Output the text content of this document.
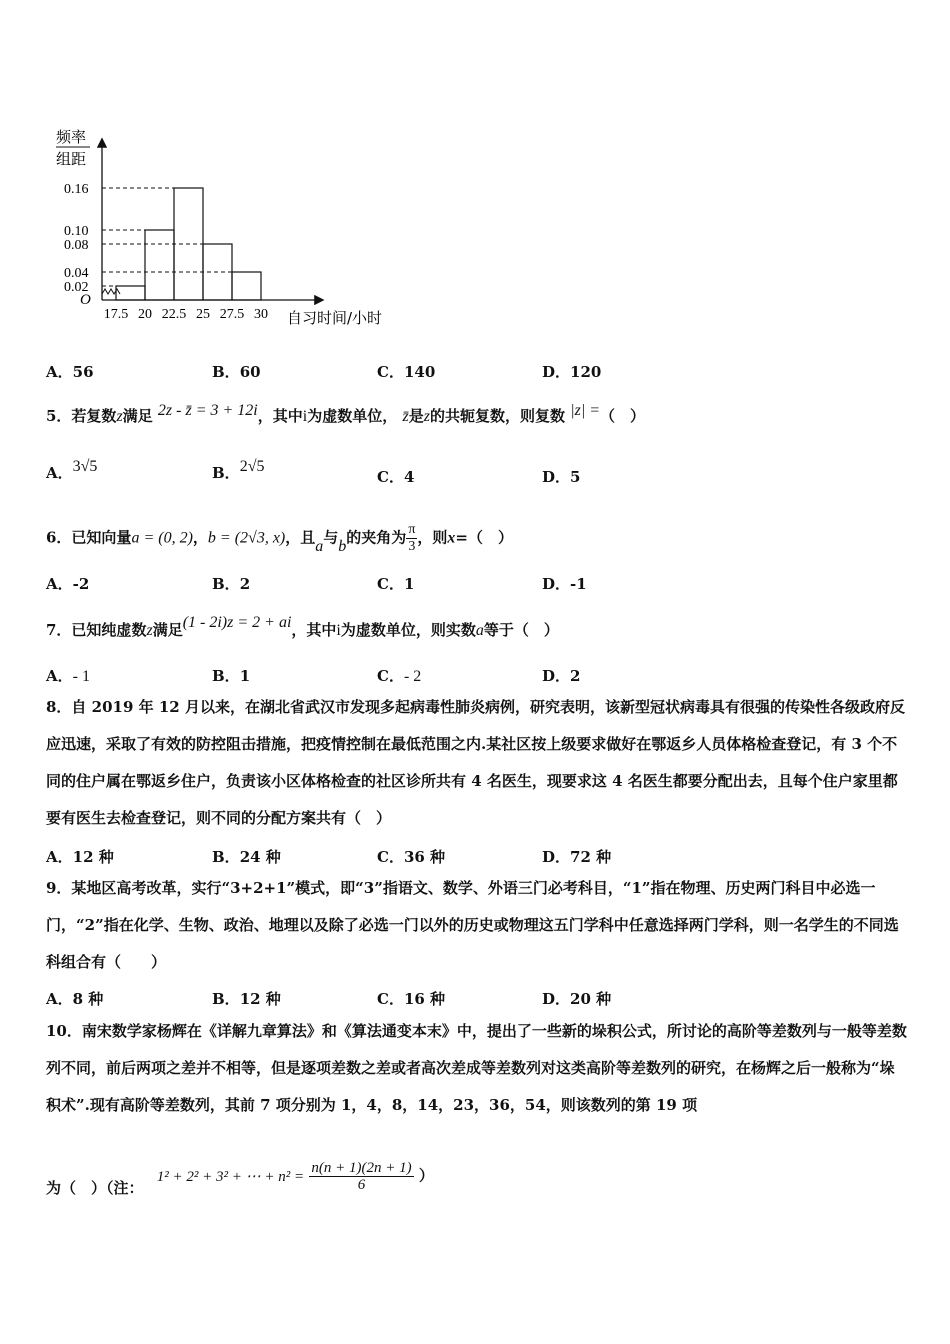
频率
组距
O
0.16
0.10
0.08
0.04
0.02
17.5 20 22.5 25 27.5 30 自习时间/小时
A．56	B．60	C．140	D．120
5．若复数z满足 2z - z̄ = 3 + 12i，其中i为虚数单位， z̄是z的共轭复数，则复数 |z| =（　）
A．3√5	B．2√5
C．4	D．5
6．已知向量a = (0, 2)，b = (2√3, x)，且a与b的夹角为 $\frac{\pi}{3}$ ，则x=（　）
A．-2	B．2	C．1	D．-1
7．已知纯虚数z满足(1 - 2i)z = 2 + ai，其中i为虚数单位，则实数a等于（　）
A．- 1	B．1	C．- 2	D．2
8．自 2019 年 12 月以来，在湖北省武汉市发现多起病毒性肺炎病例，研究表明，该新型冠状病毒具有很强的传染性各级政府反应迅速，采取了有效的防控阻击措施，把疫情控制在最低范围之内.某社区按上级要求做好在鄂返乡人员体格检查登记，有 3 个不同的住户属在鄂返乡住户，负责该小区体格检查的社区诊所共有 4 名医生，现要求这 4 名医生都要分配出去，且每个住户家里都要有医生去检查登记，则不同的分配方案共有（　）
A．12 种	B．24 种	C．36 种	D．72 种
9．某地区高考改革，实行“3+2+1”模式，即“3”指语文、数学、外语三门必考科目，“1”指在物理、历史两门科目中必选一门，“2”指在化学、生物、政治、地理以及除了必选一门以外的历史或物理这五门学科中任意选择两门学科，则一名学生的不同选科组合有（　　）
A．8 种	B．12 种	C．16 种	D．20 种
10．南宋数学家杨辉在《详解九章算法》和《算法通变本末》中，提出了一些新的垛积公式，所讨论的高阶等差数列与一般等差数列不同，前后两项之差并不相等，但是逐项差数之差或者高次差成等差数列对这类高阶等差数列的研究，在杨辉之后一般称为“垛积术”.现有高阶等差数列，其前 7 项分别为 1，4，8，14，23，36，54，则该数列的第 19 项
为（　）（注： 1² + 2² + 3² + ⋯ + $n^2 = \frac{n(n + 1)(2n + 1)}{6}$ ）
